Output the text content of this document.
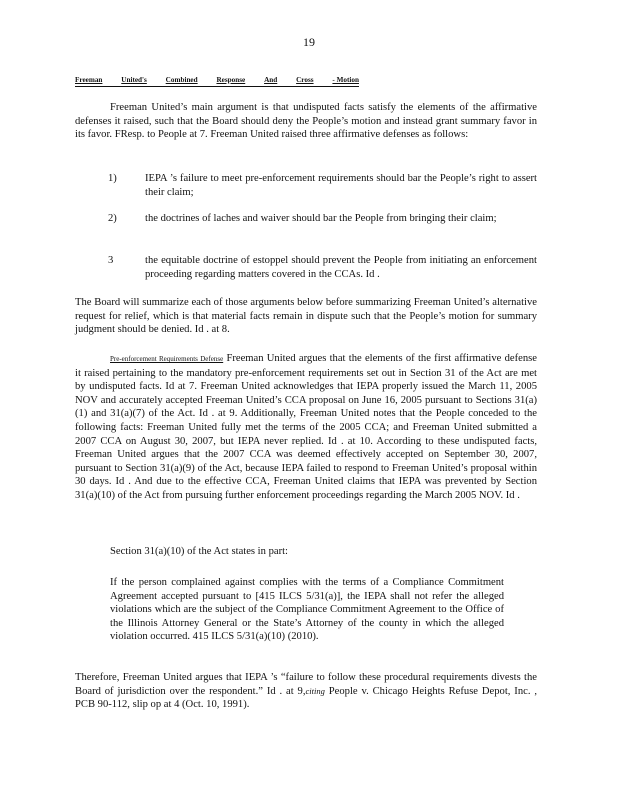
19
Freeman	United's	Combined	Response	And	Cross	- Motion
Freeman United’s main argument is that undisputed facts satisfy the elements of the affirmative defenses it raised, such that the Board should deny the People’s motion and instead grant summary favor in its favor. FResp. to People at 7. Freeman United raised three affirmative defenses as follows:
1)	IEPA ’s failure to meet pre-enforcement requirements should bar the People’s right to assert their claim;
2)	the doctrines of laches and waiver should bar the People from bringing their claim;
3	the equitable doctrine of estoppel should prevent the People from initiating an enforcement proceeding regarding matters covered in the CCAs. Id .
The Board will summarize each of those arguments below before summarizing Freeman United’s alternative request for relief, which is that material facts remain in dispute such that the People’s motion for summary judgment should be denied. Id . at 8.
Pre-enforcement Requirements Defense Freeman United argues that the elements of the first affirmative defense it raised pertaining to the mandatory pre-enforcement requirements set out in Section 31 of the Act are met by undisputed facts. Id at 7. Freeman United acknowledges that IEPA properly issued the March 11, 2005 NOV and accurately accepted Freeman United’s CCA proposal on June 16, 2005 pursuant to Sections 31(a)(1) and 31(a)(7) of the Act. Id . at 9. Additionally, Freeman United notes that the People conceded to the following facts: Freeman United fully met the terms of the 2005 CCA; and Freeman United submitted a 2007 CCA on August 30, 2007, but IEPA never replied. Id . at 10. According to these undisputed facts, Freeman United argues that the 2007 CCA was deemed effectively accepted on September 30, 2007, pursuant to Section 31(a)(9) of the Act, because IEPA failed to respond to Freeman United’s proposal within 30 days. Id . And due to the effective CCA, Freeman United claims that IEPA was prevented by Section 31(a)(10) of the Act from pursuing further enforcement proceedings regarding the March 2005 NOV. Id .
Section 31(a)(10) of the Act states in part:
If the person complained against complies with the terms of a Compliance Commitment Agreement accepted pursuant to [415 ILCS 5/31(a)], the IEPA shall not refer the alleged violations which are the subject of the Compliance Commitment Agreement to the Office of the Illinois Attorney General or the State’s Attorney of the county in which the alleged violation occurred. 415 ILCS 5/31(a)(10) (2010).
Therefore, Freeman United argues that IEPA ’s “failure to follow these procedural requirements divests the Board of jurisdiction over the respondent.” Id . at 9,citing People v. Chicago Heights Refuse Depot, Inc. , PCB 90-112, slip op at 4 (Oct. 10, 1991).
